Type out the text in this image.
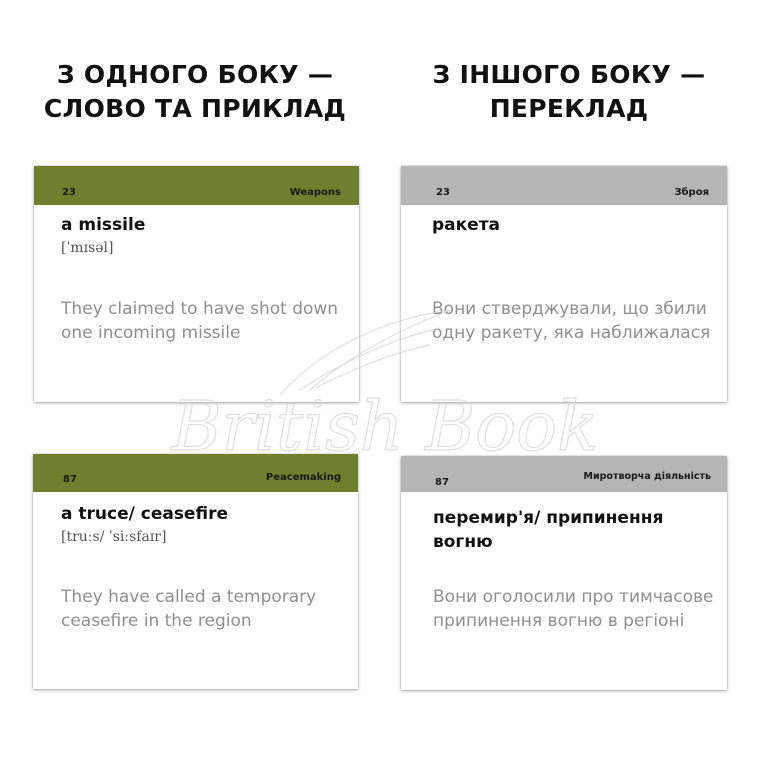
З ОДНОГО БОКУ —
СЛОВО ТА ПРИКЛАД
З ІНШОГО БОКУ —
ПЕРЕКЛАД
23	Weapons
a missile
[ˈmɪsəl]
They claimed to have shot down one incoming missile
23	Зброя
ракета
Вони стверджували, що збили одну ракету, яка наближалася
87	Peacemaking
a truce/ ceasefire
[truːs/ ˈsiːsfaɪr]
They have called a temporary ceasefire in the region
87
Миротворча діяльність
перемир'я/ припинення вогню
Вони оголосили про тимчасове припинення вогню в регіоні
British Book
